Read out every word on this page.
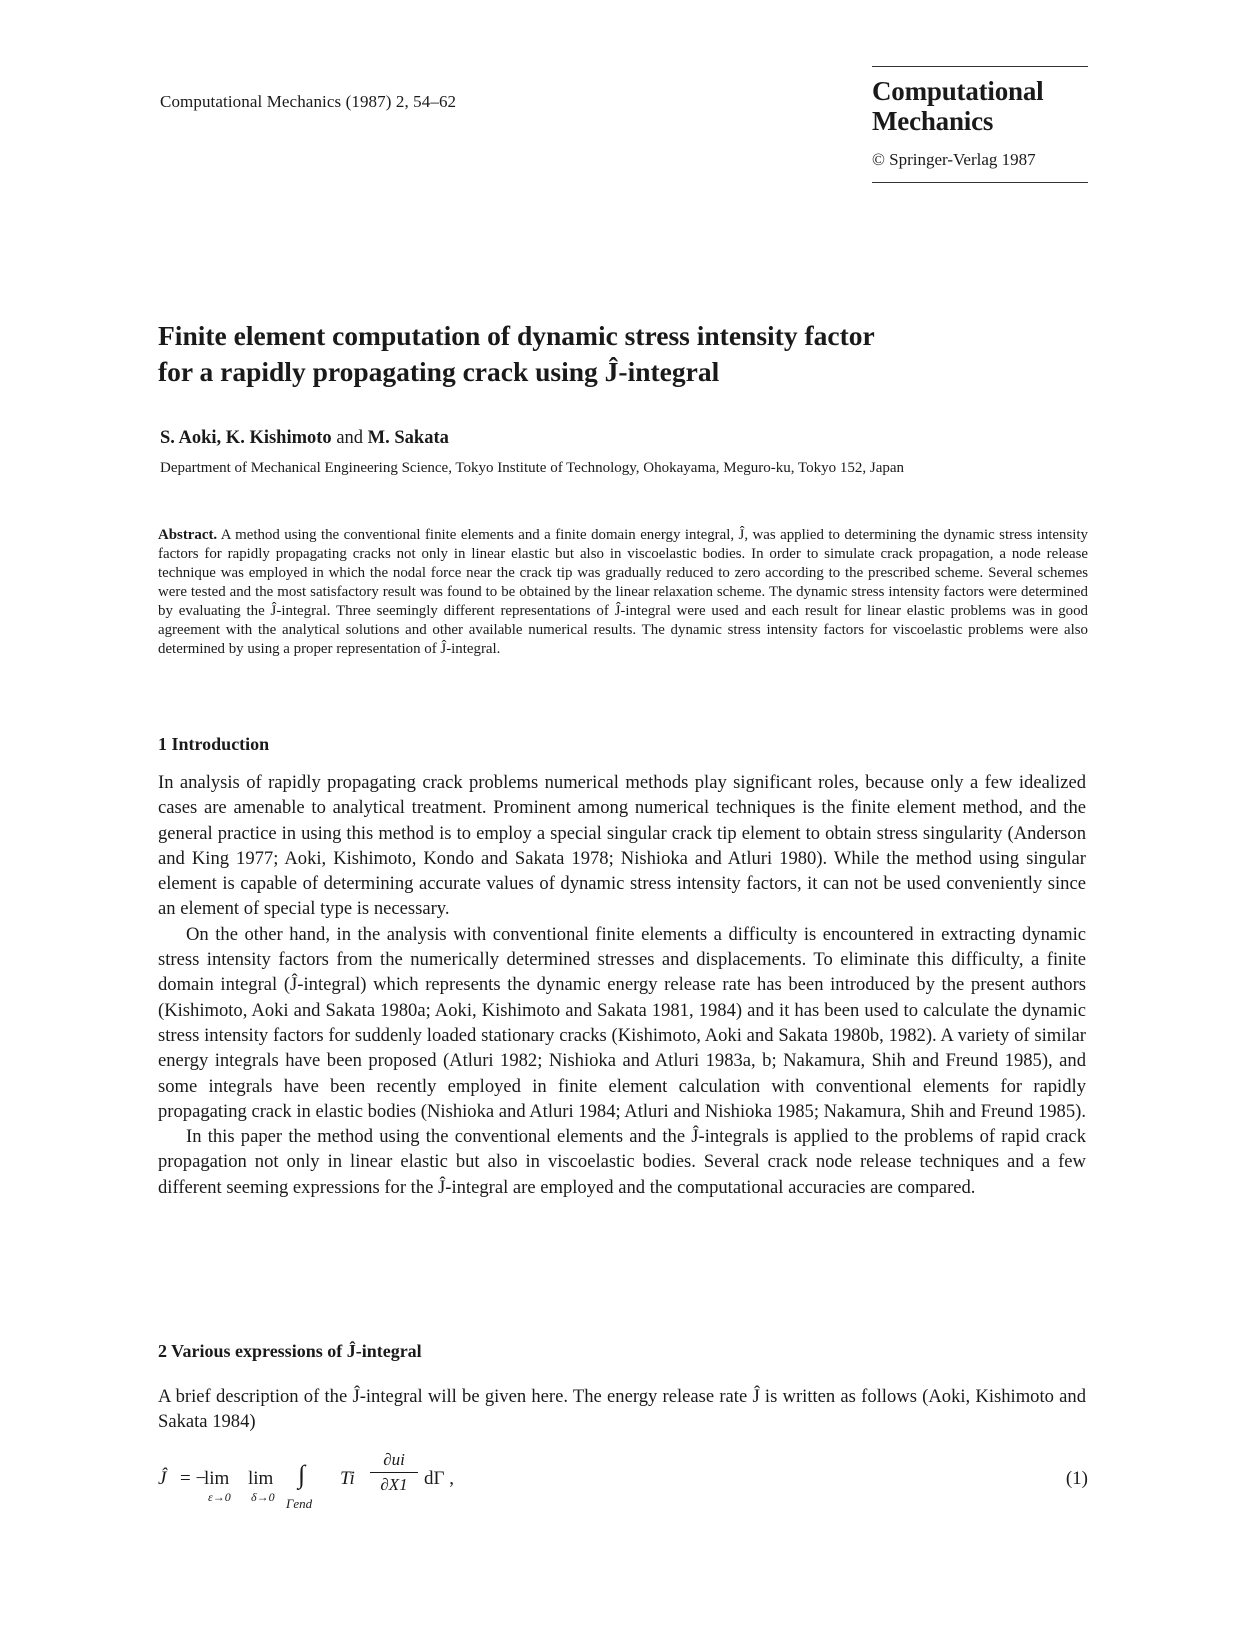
Computational Mechanics (1987) 2, 54–62	Computational
Mechanics
© Springer-Verlag 1987
Finite element computation of dynamic stress intensity factor
for a rapidly propagating crack using Ĵ-integral
S. Aoki, K. Kishimoto and M. Sakata
Department of Mechanical Engineering Science, Tokyo Institute of Technology, Ohokayama, Meguro-ku, Tokyo 152, Japan

Abstract. A method using the conventional finite elements and a finite domain energy integral, Ĵ, was applied to determining the dynamic stress intensity factors for rapidly propagating cracks not only in linear elastic but also in viscoelastic bodies. In order to simulate crack propagation, a node release technique was employed in which the nodal force near the crack tip was gradually reduced to zero according to the prescribed scheme. Several schemes were tested and the most satisfactory result was found to be obtained by the linear relaxation scheme. The dynamic stress intensity factors were determined by evaluating the Ĵ-integral. Three seemingly different representations of Ĵ-integral were used and each result for linear elastic problems was in good agreement with the analytical solutions and other available numerical results. The dynamic stress intensity factors for viscoelastic problems were also determined by using a proper representation of Ĵ-integral.

1 Introduction

In analysis of rapidly propagating crack problems numerical methods play significant roles, because only a few idealized cases are amenable to analytical treatment. Prominent among numerical techniques is the finite element method, and the general practice in using this method is to employ a special singular crack tip element to obtain stress singularity (Anderson and King 1977; Aoki, Kishimoto, Kondo and Sakata 1978; Nishioka and Atluri 1980). While the method using singular element is capable of determining accurate values of dynamic stress intensity factors, it can not be used conveniently since an element of special type is necessary.

On the other hand, in the analysis with conventional finite elements a difficulty is encountered in extracting dynamic stress intensity factors from the numerically determined stresses and displacements. To eliminate this difficulty, a finite domain integral (Ĵ-integral) which represents the dynamic energy release rate has been introduced by the present authors (Kishimoto, Aoki and Sakata 1980a; Aoki, Kishimoto and Sakata 1981, 1984) and it has been used to calculate the dynamic stress intensity factors for suddenly loaded stationary cracks (Kishimoto, Aoki and Sakata 1980b, 1982). A variety of similar energy integrals have been proposed (Atluri 1982; Nishioka and Atluri 1983a, b; Nakamura, Shih and Freund 1985), and some integrals have been recently employed in finite element calculation with conventional elements for rapidly propagating crack in elastic bodies (Nishioka and Atluri 1984; Atluri and Nishioka 1985; Nakamura, Shih and Freund 1985).

In this paper the method using the conventional elements and the Ĵ-integrals is applied to the problems of rapid crack propagation not only in linear elastic but also in viscoelastic bodies. Several crack node release techniques and a few different seeming expressions for the Ĵ-integral are employed and the computational accuracies are compared.

2 Various expressions of Ĵ-integral

A brief description of the Ĵ-integral will be given here. The energy release rate Ĵ is written as follows (Aoki, Kishimoto and Sakata 1984)

Ĵ = −
lim
ε→0
lim
δ→0
∫
Γend
Ti $\frac{\partial ui}{\partial X1}$ dΓ ,	(1)
